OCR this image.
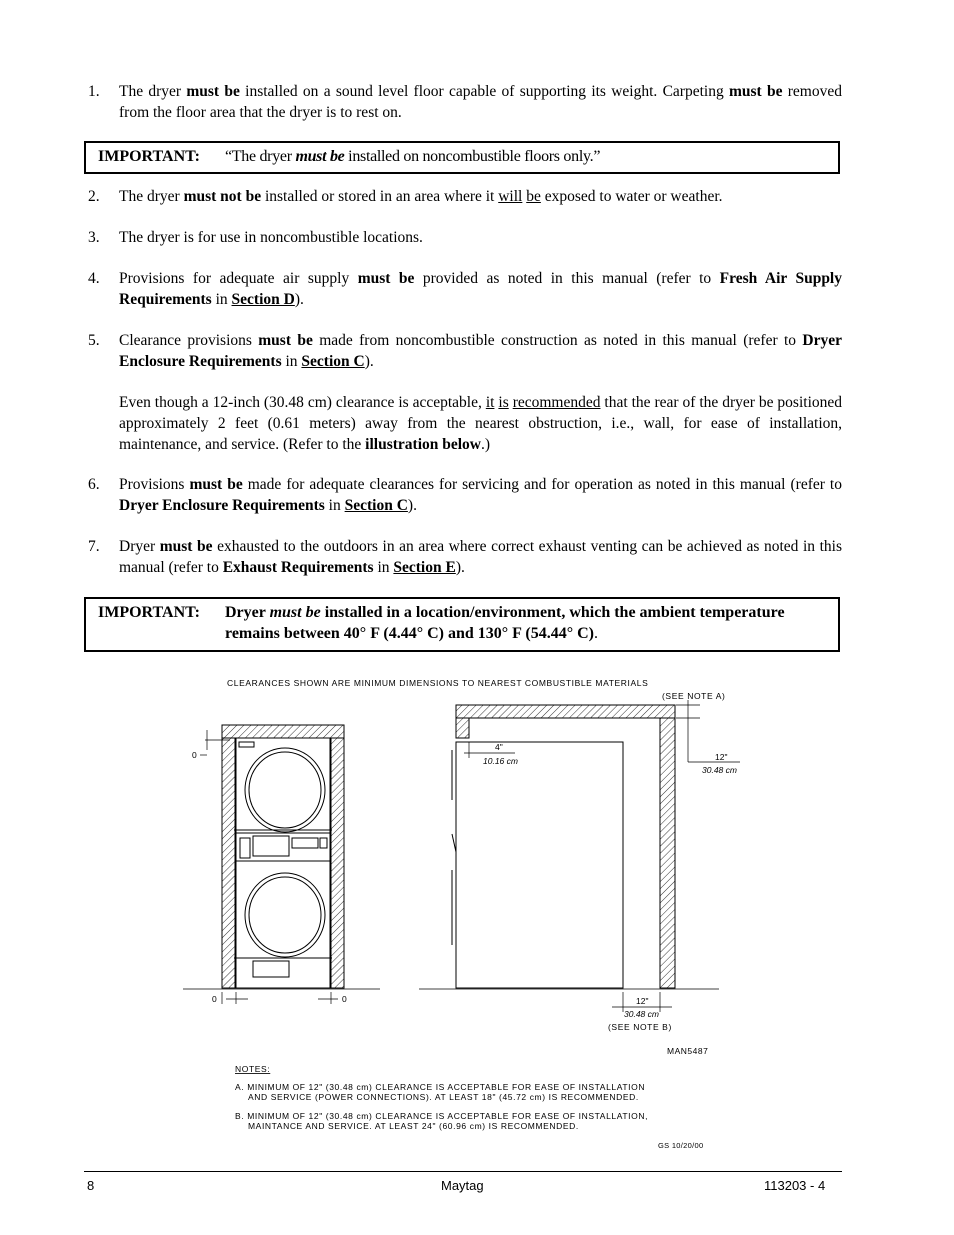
1. The dryer must be installed on a sound level floor capable of supporting its weight. Carpeting must be removed from the floor area that the dryer is to rest on.
IMPORTANT: “The dryer must be installed on noncombustible floors only.”
2. The dryer must not be installed or stored in an area where it will be exposed to water or weather.
3. The dryer is for use in noncombustible locations.
4. Provisions for adequate air supply must be provided as noted in this manual (refer to Fresh Air Supply Requirements in Section D).
5. Clearance provisions must be made from noncombustible construction as noted in this manual (refer to Dryer Enclosure Requirements in Section C).
Even though a 12-inch (30.48 cm) clearance is acceptable, it is recommended that the rear of the dryer be positioned approximately 2 feet (0.61 meters) away from the nearest obstruction, i.e., wall, for ease of installation, maintenance, and service. (Refer to the illustration below.)
6. Provisions must be made for adequate clearances for servicing and for operation as noted in this manual (refer to Dryer Enclosure Requirements in Section C).
7. Dryer must be exhausted to the outdoors in an area where correct exhaust venting can be achieved as noted in this manual (refer to Exhaust Requirements in Section E).
IMPORTANT: Dryer must be installed in a location/environment, which the ambient temperature remains between 40° F (4.44° C) and 130° F (54.44° C).
CLEARANCES SHOWN ARE MINIMUM DIMENSIONS TO NEAREST COMBUSTIBLE MATERIALS
(SEE NOTE A)
0
0	0
4"
10.16 cm	12"
30.48 cm
12"
30.48 cm
(SEE NOTE B)
MAN5487
NOTES:
A. MINIMUM OF 12" (30.48 cm) CLEARANCE IS ACCEPTABLE FOR EASE OF INSTALLATION
AND SERVICE (POWER CONNECTIONS). AT LEAST 18" (45.72 cm) IS RECOMMENDED.
B. MINIMUM OF 12" (30.48 cm) CLEARANCE IS ACCEPTABLE FOR EASE OF INSTALLATION,
MAINTANCE AND SERVICE. AT LEAST 24" (60.96 cm) IS RECOMMENDED.
GS 10/20/00
8	Maytag	113203 - 4
